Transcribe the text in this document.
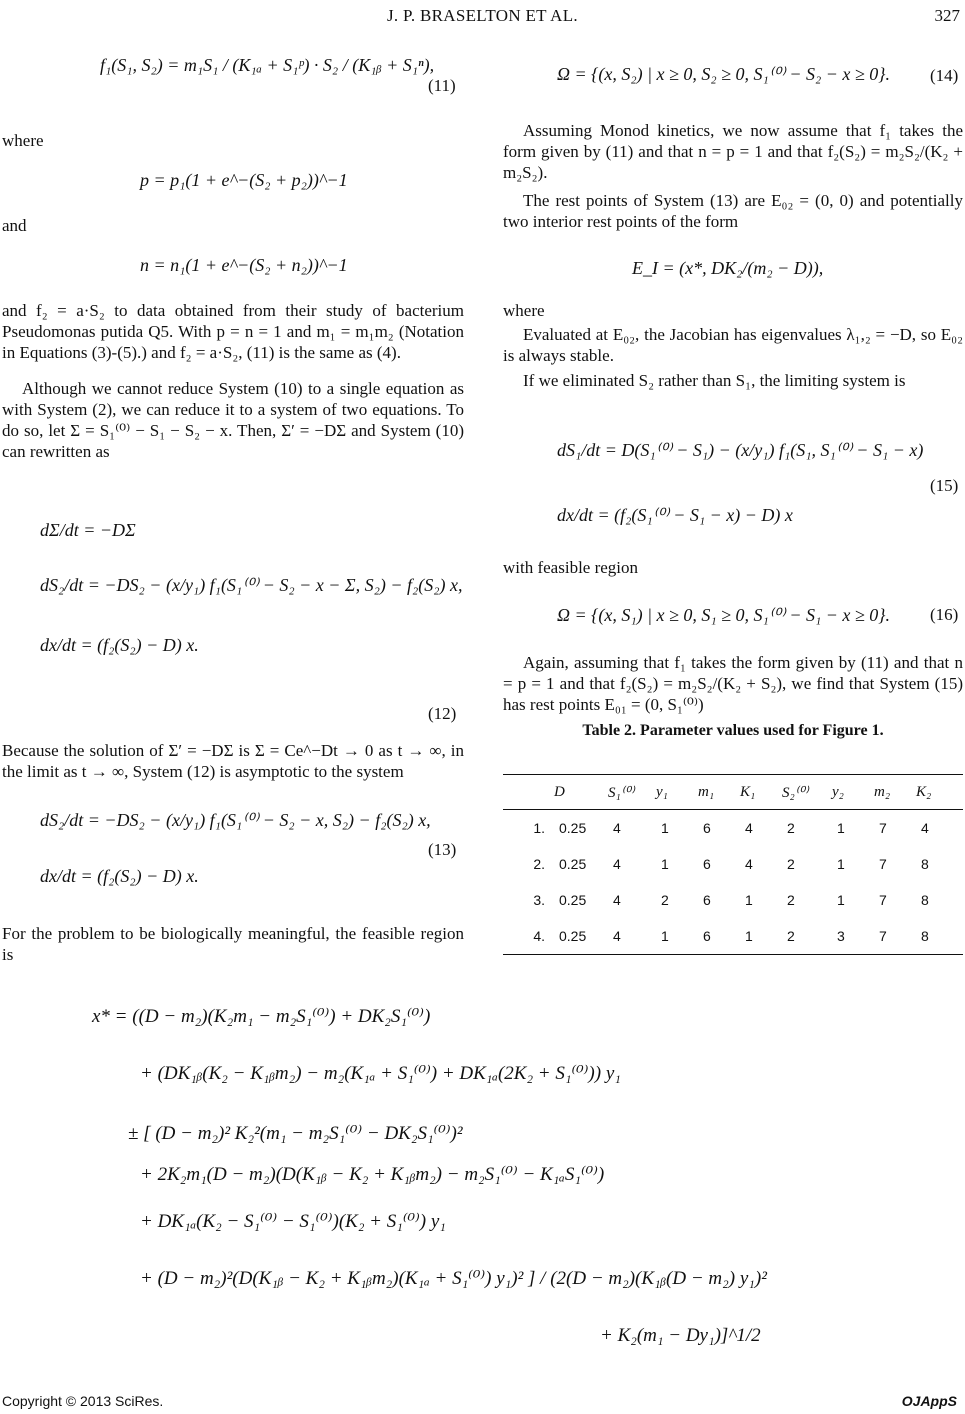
J. P. BRASELTON ET AL.	327
f₁(S₁, S₂) = m₁S₁ / (K₁ₐ + S₁ᵖ) · S₂ / (K₁ᵦ + S₁ⁿ),
(11)
where
p = p₁(1 + e^−(S₂ + p₂))^−1
and
n = n₁(1 + e^−(S₂ + n₂))^−1
and f₂ = a·S₂ to data obtained from their study of bacterium Pseudomonas putida Q5. With p = n = 1 and m₁ = m₁m₂ (Notation in Equations (3)-(5).) and f₂ = a·S₂, (11) is the same as (4).
Although we cannot reduce System (10) to a single equation as with System (2), we can reduce it to a system of two equations. To do so, let Σ = S₁⁽⁰⁾ − S₁ − S₂ − x. Then, Σ′ = −DΣ and System (10) can rewritten as
dΣ/dt = −DΣ
dS₂/dt = −DS₂ − (x/y₁) f₁(S₁⁽⁰⁾ − S₂ − x − Σ, S₂) − f₂(S₂) x,
dx/dt = (f₂(S₂) − D) x.
(12)
Because the solution of Σ′ = −DΣ is Σ = Ce^−Dt → 0 as t → ∞, in the limit as t → ∞, System (12) is asymptotic to the system
dS₂/dt = −DS₂ − (x/y₁) f₁(S₁⁽⁰⁾ − S₂ − x, S₂) − f₂(S₂) x,
dx/dt = (f₂(S₂) − D) x.
(13)
For the problem to be biologically meaningful, the feasible region is
Ω = {(x, S₂) | x ≥ 0, S₂ ≥ 0, S₁⁽⁰⁾ − S₂ − x ≥ 0}. (14)
Assuming Monod kinetics, we now assume that f₁ takes the form given by (11) and that n = p = 1 and that f₂(S₂) = m₂S₂/(K₂ + m₂S₂).
The rest points of System (13) are E₀₂ = (0, 0) and potentially two interior rest points of the form
E_I = (x*, DK₂/(m₂ − D)),
where
Evaluated at E₀₂, the Jacobian has eigenvalues λ₁,₂ = −D, so E₀₂ is always stable.
If we eliminated S₂ rather than S₁, the limiting system is
dS₁/dt = D(S₁⁽⁰⁾ − S₁) − (x/y₁) f₁(S₁, S₁⁽⁰⁾ − S₁ − x)
dx/dt = (f₂(S₁⁽⁰⁾ − S₁ − x) − D) x
(15)
with feasible region
Ω = {(x, S₁) | x ≥ 0, S₁ ≥ 0, S₁⁽⁰⁾ − S₁ − x ≥ 0}. (16)
Again, assuming that f₁ takes the form given by (11) and that n = p = 1 and that f₂(S₂) = m₂S₂/(K₂ + S₂), we find that System (15) has rest points E₀₁ = (0, S₁⁽⁰⁾)
Table 2. Parameter values used for Figure 1.
	D	S₁⁽⁰⁾	y₁	m₁	K₁	S₂⁽⁰⁾	y₂	m₂	K₂
1.	0.25	4	1	6	4	2	1	7	4
2.	0.25	4	1	6	4	2	1	7	8
3.	0.25	4	2	6	1	2	1	7	8
4.	0.25	4	1	6	1	2	3	7	8
x* = ((D − m₂)(K₂m₁ − m₂S₁⁽⁰⁾) + DK₂S₁⁽⁰⁾)
+ (DK₁ᵦ(K₂ − K₁ᵦm₂) − m₂(K₁ₐ + S₁⁽⁰⁾) + DK₁ₐ(2K₂ + S₁⁽⁰⁾)) y₁
± [ (D − m₂)² K₂²(m₁ − m₂S₁⁽⁰⁾ − DK₂S₁⁽⁰⁾)²
+ 2K₂m₁(D − m₂)(D(K₁ᵦ − K₂ + K₁ᵦm₂) − m₂S₁⁽⁰⁾ − K₁ₐS₁⁽⁰⁾)
+ DK₁ₐ(K₂ − S₁⁽⁰⁾ − S₁⁽⁰⁾)(K₂ + S₁⁽⁰⁾) y₁
+ (D − m₂)²(D(K₁ᵦ − K₂ + K₁ᵦm₂)(K₁ₐ + S₁⁽⁰⁾) y₁)² ] / (2(D − m₂)(K₁ᵦ(D − m₂) y₁)²
+ K₂(m₁ − Dy₁)]^1/2
Copyright © 2013 SciRes.	OJAppS
